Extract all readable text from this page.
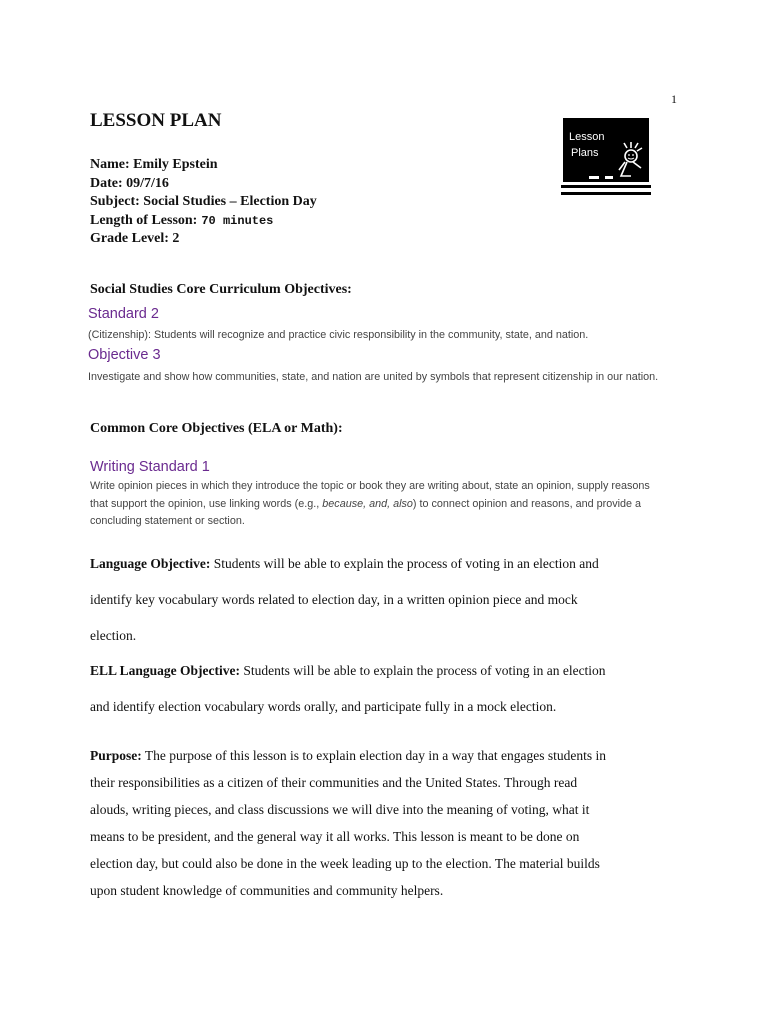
1
LESSON PLAN
Name: Emily Epstein
Date: 09/7/16
Subject: Social Studies – Election Day
Length of Lesson: 70 minutes
Grade Level: 2
Lesson
Plans
Social Studies Core Curriculum Objectives:
Standard 2

(Citizenship): Students will recognize and practice civic responsibility in the community, state, and nation.

Objective 3

Investigate and show how communities, state, and nation are united by symbols that represent citizenship in our nation.

Common Core Objectives (ELA or Math):
Writing Standard 1
Write opinion pieces in which they introduce the topic or book they are writing about, state an opinion, supply reasons
that support the opinion, use linking words (e.g., because, and, also) to connect opinion and reasons, and provide a
concluding statement or section.
Language Objective: Students will be able to explain the process of voting in an election and
identify key vocabulary words related to election day, in a written opinion piece and mock
election.
ELL Language Objective: Students will be able to explain the process of voting in an election
and identify election vocabulary words orally, and participate fully in a mock election.
Purpose: The purpose of this lesson is to explain election day in a way that engages students in
their responsibilities as a citizen of their communities and the United States. Through read
alouds, writing pieces, and class discussions we will dive into the meaning of voting, what it
means to be president, and the general way it all works. This lesson is meant to be done on
election day, but could also be done in the week leading up to the election. The material builds
upon student knowledge of communities and community helpers.
